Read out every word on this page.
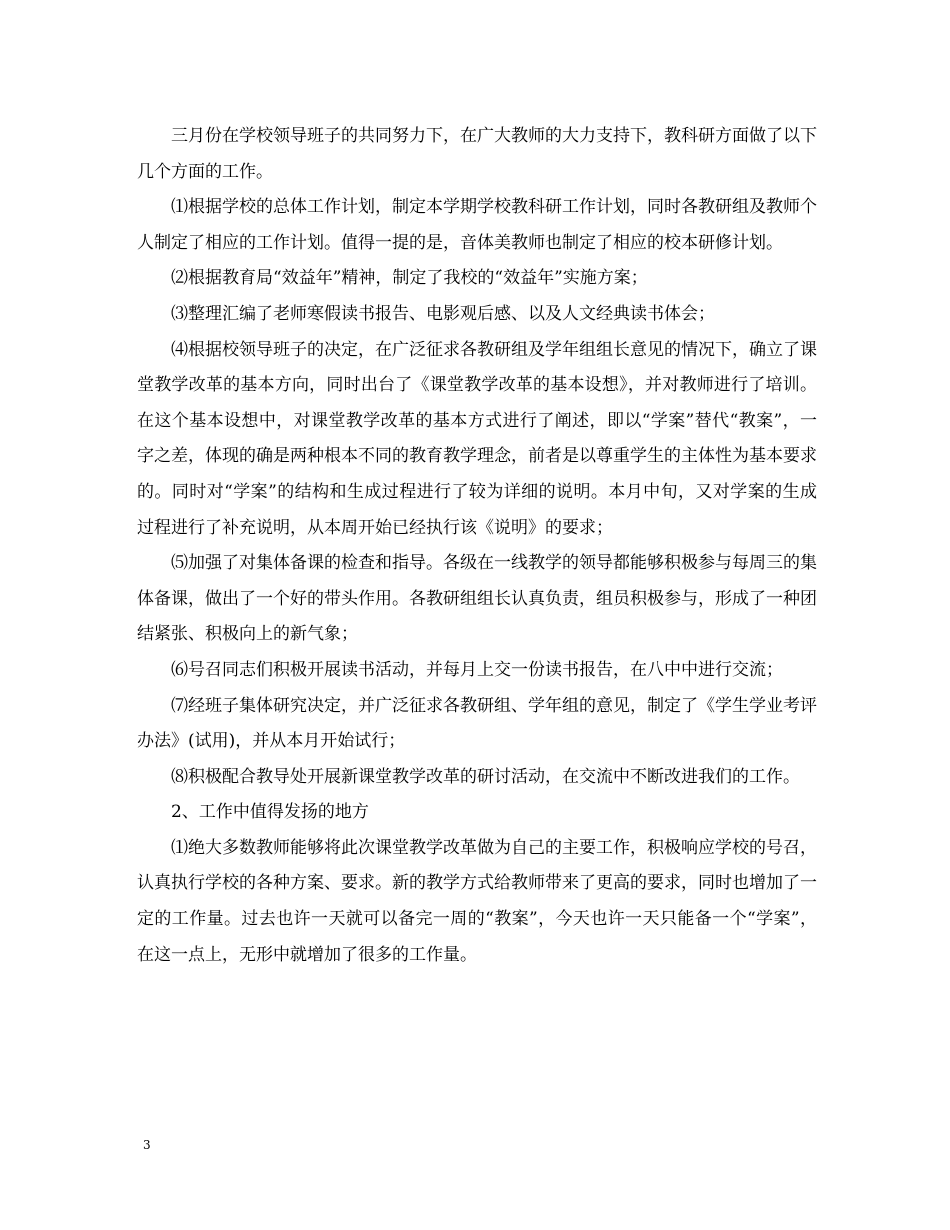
三月份在学校领导班子的共同努力下，在广大教师的大力支持下，教科研方面做了以下几个方面的工作。

⑴根据学校的总体工作计划，制定本学期学校教科研工作计划，同时各教研组及教师个人制定了相应的工作计划。值得一提的是，音体美教师也制定了相应的校本研修计划。

⑵根据教育局“效益年”精神，制定了我校的“效益年”实施方案；

⑶整理汇编了老师寒假读书报告、电影观后感、以及人文经典读书体会；

⑷根据校领导班子的决定，在广泛征求各教研组及学年组组长意见的情况下，确立了课堂教学改革的基本方向，同时出台了《课堂教学改革的基本设想》，并对教师进行了培训。在这个基本设想中，对课堂教学改革的基本方式进行了阐述，即以“学案”替代“教案”，一字之差，体现的确是两种根本不同的教育教学理念，前者是以尊重学生的主体性为基本要求的。同时对“学案”的结构和生成过程进行了较为详细的说明。本月中旬，又对学案的生成过程进行了补充说明，从本周开始已经执行该《说明》的要求；

⑸加强了对集体备课的检查和指导。各级在一线教学的领导都能够积极参与每周三的集体备课，做出了一个好的带头作用。各教研组组长认真负责，组员积极参与，形成了一种团结紧张、积极向上的新气象；

⑹号召同志们积极开展读书活动，并每月上交一份读书报告，在八中中进行交流；

⑺经班子集体研究决定，并广泛征求各教研组、学年组的意见，制定了《学生学业考评办法》(试用)，并从本月开始试行；

⑻积极配合教导处开展新课堂教学改革的研讨活动，在交流中不断改进我们的工作。

2、工作中值得发扬的地方

⑴绝大多数教师能够将此次课堂教学改革做为自己的主要工作，积极响应学校的号召，认真执行学校的各种方案、要求。新的教学方式给教师带来了更高的要求，同时也增加了一定的工作量。过去也许一天就可以备完一周的“教案”，今天也许一天只能备一个“学案”，在这一点上，无形中就增加了很多的工作量。

3
